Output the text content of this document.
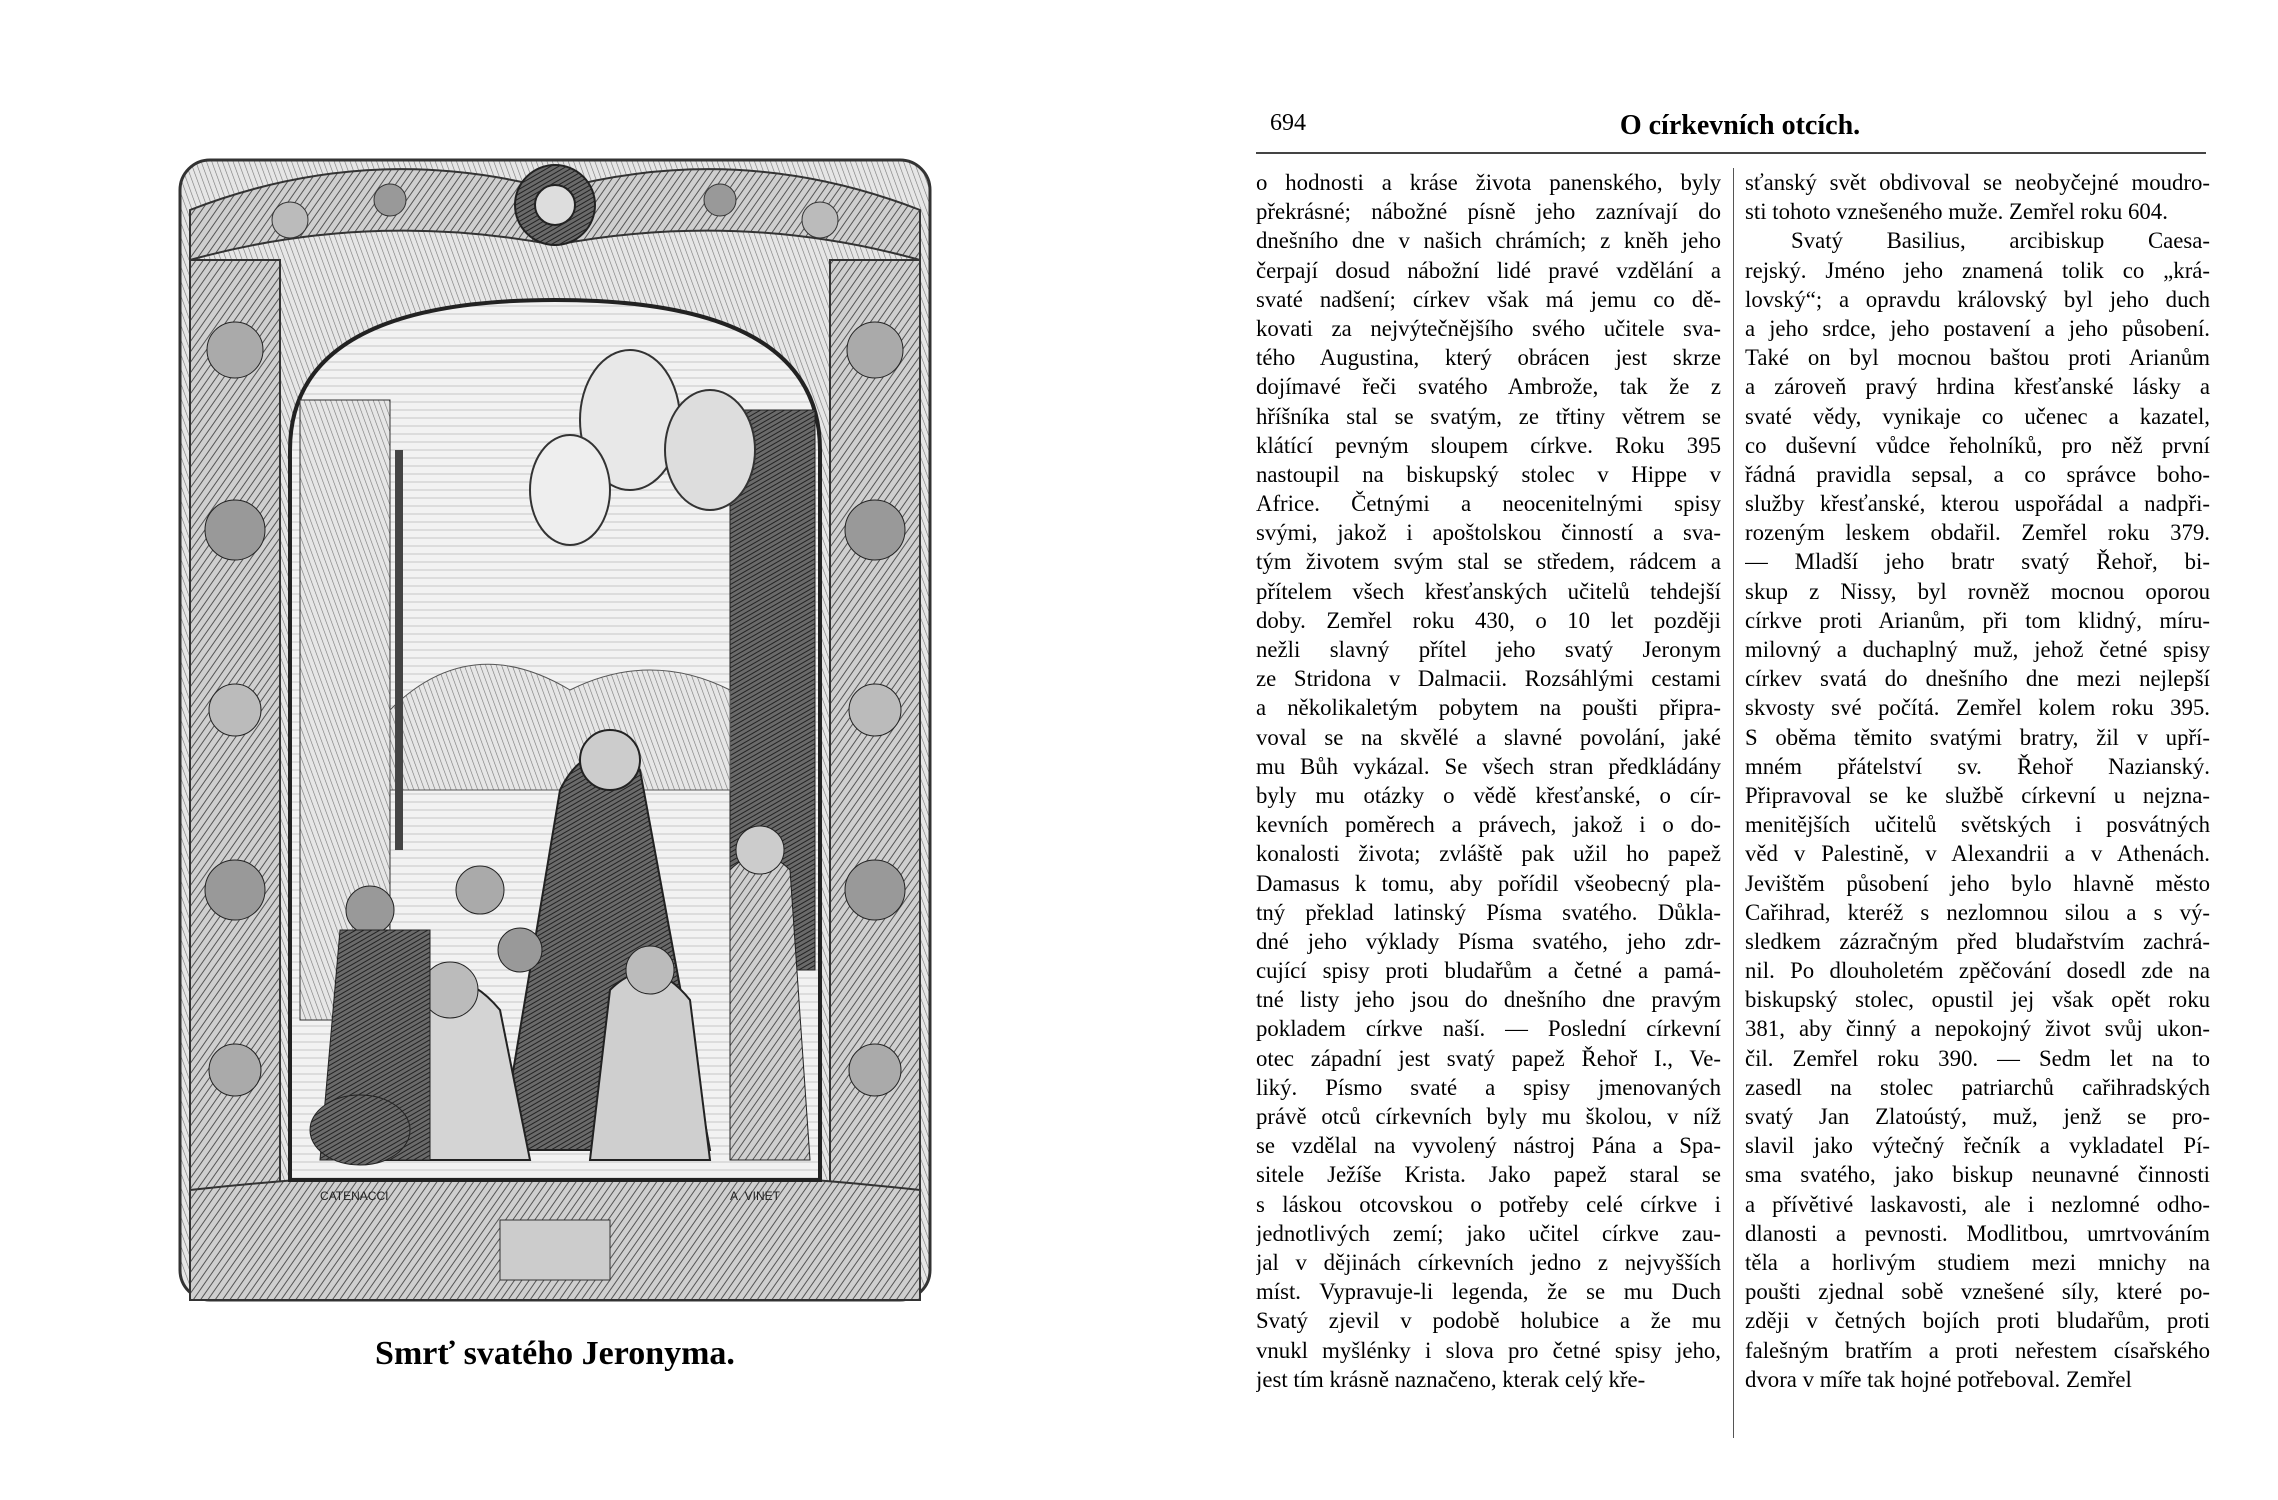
CATENACCI	A. VINET
Smrť svatého Jeronyma.
694	O církevních otcích.
o hodnosti a kráse života panenského, byly
překrásné; nábožné písně jeho zaznívají do
dnešního dne v našich chrámích; z kněh jeho
čerpají dosud nábožní lidé pravé vzdělání a
svaté nadšení; církev však má jemu co dě-
kovati za nejvýtečnějšího svého učitele sva-
tého Augustina, který obrácen jest skrze
dojímavé řeči svatého Ambrože, tak že z
hříšníka stal se svatým, ze třtiny větrem se
klátící pevným sloupem církve. Roku 395
nastoupil na biskupský stolec v Hippe v
Africe. Četnými a neocenitelnými spisy
svými, jakož i apoštolskou činností a sva-
tým životem svým stal se středem, rádcem a
přítelem všech křesťanských učitelů tehdejší
doby. Zemřel roku 430, o 10 let později
nežli slavný přítel jeho svatý Jeronym
ze Stridona v Dalmacii. Rozsáhlými cestami
a několikaletým pobytem na poušti připra-
voval se na skvělé a slavné povolání, jaké
mu Bůh vykázal. Se všech stran předkládány
byly mu otázky o vědě křesťanské, o cír-
kevních poměrech a právech, jakož i o do-
konalosti života; zvláště pak užil ho papež
Damasus k tomu, aby pořídil všeobecný pla-
tný překlad latinský Písma svatého. Důkla-
dné jeho výklady Písma svatého, jeho zdr-
cující spisy proti bludařům a četné a pamá-
tné listy jeho jsou do dnešního dne pravým
pokladem církve naší. — Poslední církevní
otec západní jest svatý papež Řehoř I., Ve-
liký. Písmo svaté a spisy jmenovaných
právě otců církevních byly mu školou, v níž
se vzdělal na vyvolený nástroj Pána a Spa-
sitele Ježíše Krista. Jako papež staral se
s láskou otcovskou o potřeby celé církve i
jednotlivých zemí; jako učitel církve zau-
jal v dějinách církevních jedno z nejvyšších
míst. Vypravuje-li legenda, že se mu Duch
Svatý zjevil v podobě holubice a že mu
vnukl myšlénky i slova pro četné spisy jeho,
jest tím krásně naznačeno, kterak celý kře-
sťanský svět obdivoval se neobyčejné moudro-
sti tohoto vznešeného muže. Zemřel roku 604.
Svatý Basilius, arcibiskup Caesa-
rejský. Jméno jeho znamená tolik co „krá-
lovský“; a opravdu královský byl jeho duch
a jeho srdce, jeho postavení a jeho působení.
Také on byl mocnou baštou proti Arianům
a zároveň pravý hrdina křesťanské lásky a
svaté vědy, vynikaje co učenec a kazatel,
co duševní vůdce řeholníků, pro něž první
řádná pravidla sepsal, a co správce boho-
služby křesťanské, kterou uspořádal a nadpři-
rozeným leskem obdařil. Zemřel roku 379.
— Mladší jeho bratr svatý Řehoř, bi-
skup z Nissy, byl rovněž mocnou oporou
církve proti Arianům, při tom klidný, míru-
milovný a duchaplný muž, jehož četné spisy
církev svatá do dnešního dne mezi nejlepší
skvosty své počítá. Zemřel kolem roku 395.
S oběma těmito svatými bratry, žil v upří-
mném přátelství sv. Řehoř Nazianský.
Připravoval se ke službě církevní u nejzna-
menitějších učitelů světských i posvátných
věd v Palestině, v Alexandrii a v Athenách.
Jevištěm působení jeho bylo hlavně město
Cařihrad, kteréž s nezlomnou silou a s vý-
sledkem zázračným před bludařstvím zachrá-
nil. Po dlouholetém zpěčování dosedl zde na
biskupský stolec, opustil jej však opět roku
381, aby činný a nepokojný život svůj ukon-
čil. Zemřel roku 390. — Sedm let na to
zasedl na stolec patriarchů cařihradských
svatý Jan Zlatoústý, muž, jenž se pro-
slavil jako výtečný řečník a vykladatel Pí-
sma svatého, jako biskup neunavné činnosti
a přívětivé laskavosti, ale i nezlomné odho-
dlanosti a pevnosti. Modlitbou, umrtvováním
těla a horlivým studiem mezi mnichy na
poušti zjednal sobě vznešené síly, které po-
zději v četných bojích proti bludařům, proti
falešným bratřím a proti neřestem císařského
dvora v míře tak hojné potřeboval. Zemřel
